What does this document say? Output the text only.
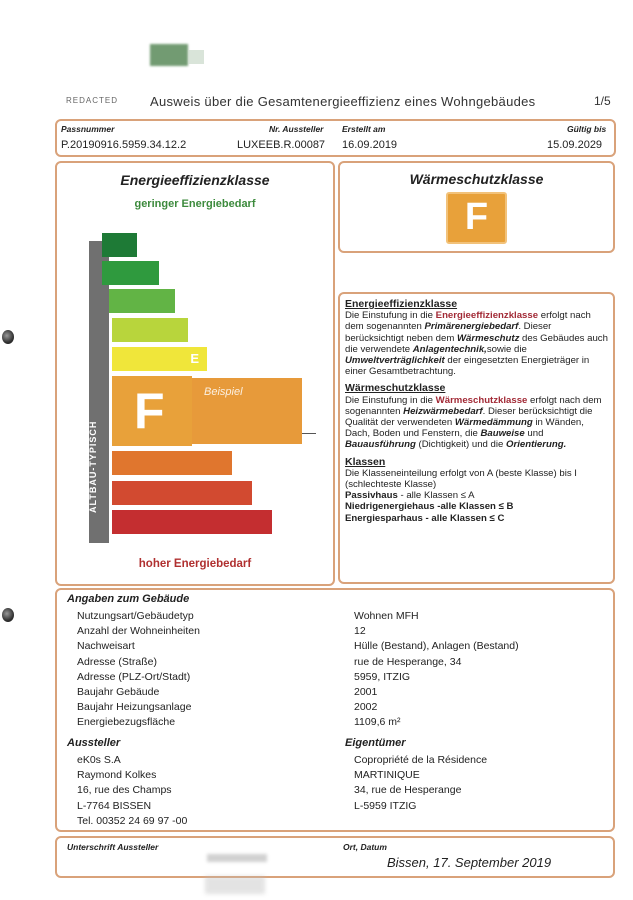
REDACTED Ausweis über die Gesamtenergieeffizienz eines Wohngebäudes	1/5
Passnummer
P.20190916.5959.34.12.2
Nr. Aussteller
LUXEEB.R.00087
Erstellt am
16.09.2019
Gültig bis
15.09.2029
Energieeffizienzklasse
geringer Energiebedarf
E
F	Beispiel
hoher Energiebedarf
Wärmeschutzklasse
F

Energieeffizienzklasse

Die Einstufung in die Energieeffizienzklasse erfolgt nach dem sogenannten Primärenergiebedarf. Dieser berücksichtigt neben dem Wärmeschutz des Gebäudes auch die verwendete Anlagentechnik,sowie die Umweltverträglichkeit der eingesetzten Energieträger in einer Gesamtbetrachtung.

Wärmeschutzklasse

Die Einstufung in die Wärmeschutzklasse erfolgt nach dem sogenannten Heizwärmebedarf. Dieser berücksichtigt die Qualität der verwendeten Wärmedämmung in Wänden, Dach, Boden und Fenstern, die Bauweise und Bauausführung (Dichtigkeit) und die Orientierung.

Klassen

Die Klasseneinteilung erfolgt von A (beste Klasse) bis I (schlechteste Klasse)

Passivhaus - alle Klassen ≤ A

Niedrigenergiehaus -alle Klassen ≤ B

Energiesparhaus - alle Klassen ≤ C

Angaben zum Gebäude
Nutzungsart/Gebäudetyp	Wohnen MFH
Anzahl der Wohneinheiten	12
Nachweisart	Hülle (Bestand), Anlagen (Bestand)
Adresse (Straße)	rue de Hesperange, 34
Adresse (PLZ-Ort/Stadt)	5959, ITZIG
Baujahr Gebäude	2001
Baujahr Heizungsanlage	2002
Energiebezugsfläche	1109,6 m²
Aussteller
eK0s S.A
Raymond Kolkes
16, rue des Champs
L-7764 BISSEN
Tel. 00352 24 69 97 -00
Eigentümer
Copropriété de la Résidence
MARTINIQUE
34, rue de Hesperange
L-5959 ITZIG
Unterschrift Aussteller	Ort, Datum
Bissen, 17. September 2019
